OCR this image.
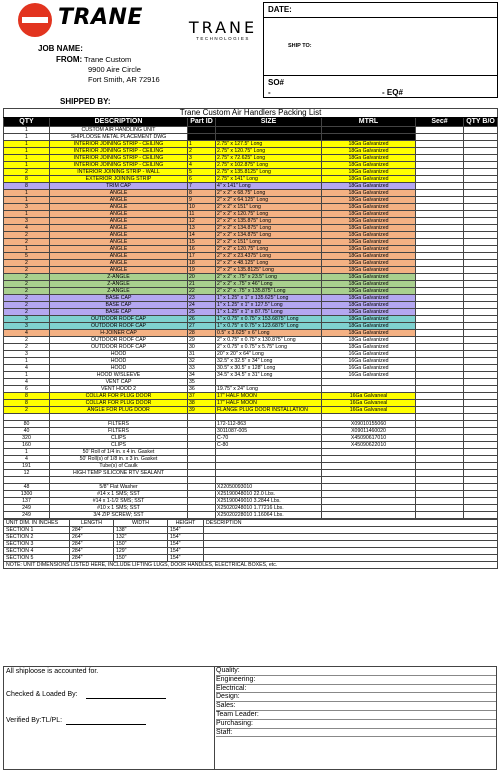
TRANE	TRANE
TECHNOLOGIES
DATE:
SHIP TO:
SO#
-	- EQ#
JOB NAME:
FROM: Trane Custom
9900 Aire Circle
Fort Smith, AR 72916
SHIPPED BY:
Trane Custom Air Handlers Packing List						
QTY	DESCRIPTION	Part ID	SIZE	MTRL	Sec#	QTY B/O
1	CUSTOM AIR HANDLING UNIT					
1	SHIPLOOSE METAL PLACEMENT DWG					
1	INTERIOR JOINING STRIP - CEILING	1	2.75" x 127.5" Long	18Ga Galvanized		
1	INTERIOR JOINING STRIP - CEILING	2	2.75" x 120.75" Long	18Ga Galvanized		
1	INTERIOR JOINING STRIP - CEILING	3	2.75" x 72.625" Long	18Ga Galvanized		
1	INTERIOR JOINING STRIP - CEILING	4	2.75" x 102.875" Long	18Ga Galvanized		
2	INTERIOR JOINING STRIP - WALL	5	2.75" x 135.8125" Long	18Ga Galvanized		
8	EXTERIOR JOINING STRIP	6	2.75" x 141" Long	18Ga Galvanized		
8	TRIM CAP	7	4" x 141" Long	18Ga Galvanized		
1	ANGLE	8	2" x 2" x 68.75" Long	18Ga Galvanized		
1	ANGLE	9	2" x 2" x 64.125" Long	18Ga Galvanized		
3	ANGLE	10	2" x 2" x 151" Long	18Ga Galvanized		
1	ANGLE	11	2" x 2" x 120.75" Long	18Ga Galvanized		
3	ANGLE	12	2" x 2" x 135.875" Long	18Ga Galvanized		
4	ANGLE	13	2" x 2" x 134.875" Long	18Ga Galvanized		
2	ANGLE	14	2" x 2" x 134.875" Long	18Ga Galvanized		
2	ANGLE	15	2" x 2" x 151" Long	18Ga Galvanized		
1	ANGLE	16	2" x 2" x 120.75" Long	18Ga Galvanized		
5	ANGLE	17	2" x 2" x 23.4375" Long	18Ga Galvanized		
2	ANGLE	18	2" x 2" x 48.125" Long	18Ga Galvanized		
2	ANGLE	19	2" x 2" x 135.8125" Long	18Ga Galvanized		
2	Z-ANGLE	20	2" x 2" x .75" x 23.5" Long	18Ga Galvanized		
2	Z-ANGLE	21	2" x 2" x .75" x 46" Long	18Ga Galvanized		
2	Z-ANGLE	22	2" x 2" x .75" x 135.875" Long	18Ga Galvanized		
2	BASE CAP	23	1" x 1.25" x 1" x 135.625" Long	18Ga Galvanized		
2	BASE CAP	24	1" x 1.25" x 1" x 127.5" Long	18Ga Galvanized		
2	BASE CAP	25	1" x 1.25" x 1" x 87.75" Long	18Ga Galvanized		
3	OUTDOOR ROOF CAP	26	1" x 0.75" x 0.75" x 153.6875" Long	18Ga Galvanized		
3	OUTDOOR ROOF CAP	27	1" x 0.75" x 0.75" x 123.6875" Long	18Ga Galvanized		
4	H-JOINER CAP	28	0.5" x 3.625" x 6" Long	18Ga Galvanized		
2	OUTDOOR ROOF CAP	29	2" x 0.75" x 0.75" x 130.875" Long	18Ga Galvanized		
2	OUTDOOR ROOF CAP	30	2" x 0.75" x 0.75" x 5.75" Long	18Ga Galvanized		
3	HOOD	31	20" x 20" x 64" Long	16Ga Galvanized		
1	HOOD	32	32.5" x 32.5" x 34" Long	16Ga Galvanized		
4	HOOD	33	30.5" x 30.5" x 128" Long	16Ga Galvanized		
1	HOOD W/SLEEVE	34	34.5" x 34.5" x 31" Long	16Ga Galvanized		
4	VENT CAP	35				
6	VENT HOOD 2	36	19.75" x 24" Long			
8	COLLAR FOR PLUG DOOR	37	17" HALF MOON	16Ga Galvaneal		
8	COLLAR FOR PLUG DOOR	38	17" HALF MOON	16Ga Galvaneal		
2	ANGLE FOR PLUG DOOR	39	FLANGE PLUG DOOR INSTALLATION	16Ga Galvaneal		

80	FILTERS		172-112-863	X09010155060		
40	FILTERS		3011087-005	X09011460020		
320	CLIPS		C-70	X45090617010		
160	CLIPS		C-80	X45090622010		
1	50' Roll of 1/4 in. x 4 in. Gasket					
4	50' Roll(s) of 1/8 in. x 3 in. Gasket					
191	Tube(s) of Caulk					
12	HIGH TEMP SILICONE RTV SEALANT					

48	5/8" Flat Washer		X22050093010			
1300	#14 x 1 SMS; SST		X25190048010 22.0 Lbs.			
137	#14 x 1-1/2 SMS; SST		X25190049010 3.2844 Lbs.			
249	#10 x 1 SMS; SST		X25020248010 1.77216 Lbs.			
249	3/4 ZIP SCREW; SST		X25020228010 1.16064 Lbs.			
UNIT DIM. IN INCHES	LENGTH	WIDTH	HEIGHT	DESCRIPTION
SECTION 1	284"	138"	154"	
SECTION 2	264"	132"	154"	
SECTION 3	284"	150"	154"	
SECTION 4	284"	129"	154"	
SECTION 5	284"	150"	154"	
NOTE: UNIT DIMENSIONS LISTED HERE, INCLUDE LIFTING LUGS, DOOR HANDLES, ELECTRICAL BOXES, etc.				
All shiploose is accounted for.
Checked & Loaded By:
Verified By:TL/PL:
Quality:
Engineering:
Electrical:
Design:
Sales:
Team Leader:
Purchasing:
Staff:
